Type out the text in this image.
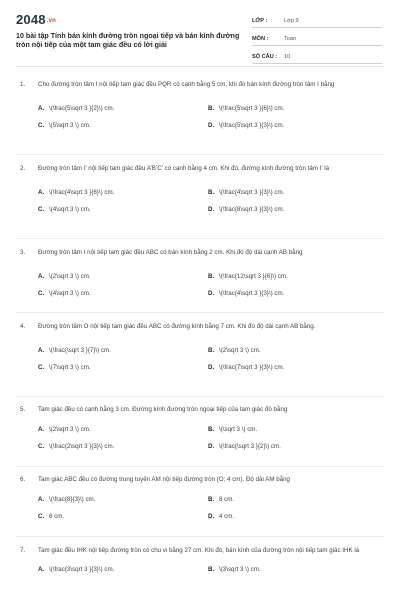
2048.vn
10 bài tập Tính bán kính đường tròn ngoại tiếp và bán kính đường tròn nội tiếp của một tam giác đều có lời giải
LỚP :	Lớp 9
MÔN :	Toán
SỐ CÂU :	10
1.	Cho đường tròn tâm I nội tiếp tam giác đều PQR có cạnh bằng 5 cm, khi đó bán kính đường tròn tâm I bằng
A. \(\frac{5\sqrt 3 }{2}\) cm.	B. \(\frac{5\sqrt 3 }{6}\) cm.
C. \(5\sqrt 3 \) cm.	D. \(\frac{5\sqrt 3 }{3}\) cm.
2.	Đường tròn tâm I’ nội tiếp tam giác đều A’B’C’ có cạnh bằng 4 cm. Khi đó, đường kính đường tròn tâm I’ là
A. \(\frac{4\sqrt 3 }{6}\) cm.	B. \(\frac{4\sqrt 3 }{3}\) cm.
C. \(4\sqrt 3 \) cm.	D. \(\frac{8\sqrt 3 }{3}\) cm.
3.	Đường tròn tâm I nội tiếp tam giác đều ABC có bán kính bằng 2 cm. Khi đó độ dài cạnh AB bằng
A. \(2\sqrt 3 \) cm.	B. \(\frac{12\sqrt 3 }{6}\) cm.
C. \(4\sqrt 3 \) cm.	D. \(\frac{4\sqrt 3 }{3}\) cm.
4.	Đường tròn tâm O nội tiếp tam giác đều ABC có đường kính bằng 7 cm. Khi đó độ dài cạnh AB bằng.
A. \(\frac{\sqrt 3 }{7}\) cm.	B. \(2\sqrt 3 \) cm.
C. \(7\sqrt 3 \) cm.	D. \(\frac{7\sqrt 3 }{3}\) cm.
5.	Tam giác đều có cạnh bằng 3 cm. Đường kính đường tròn ngoại tiếp của tam giác đó bằng
A. \(2\sqrt 3 \) cm.	B. \(\sqrt 3 \) cm.
C. \(\frac{2\sqrt 3 }{3}\) cm.	D. \(\frac{\sqrt 3 }{2}\) cm.
6.	Tam giác ABC đều có đường trung tuyến AM nội tiếp đường tròn (O; 4 cm). Độ dài AM bằng
A. \(\frac{8}{3}\) cm.	B. 8 cm.
C. 6 cm.	D. 4 cm.
7.	Tam giác đều IHK nội tiếp đường tròn có chu vi bằng 27 cm. Khi đó, bán kính của đường tròn nội tiếp tam giác IHK là
A. \(\frac{3\sqrt 3 }{3}\) cm.	B. \(3\sqrt 3 \) cm.
